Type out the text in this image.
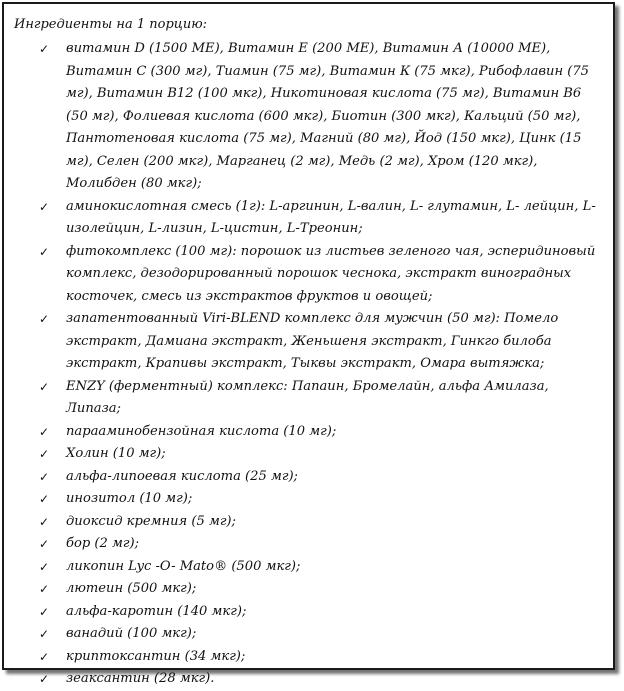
Ингредиенты на 1 порцию:
✓ витамин D (1500 МЕ), Витамин Е (200 МЕ), Витамин А (10000 МЕ), Витамин С (300 мг), Тиамин (75 мг), Витамин К (75 мкг), Рибофлавин (75 мг), Витамин В12 (100 мкг), Никотиновая кислота (75 мг), Витамин В6 (50 мг), Фолиевая кислота (600 мкг), Биотин (300 мкг), Кальций (50 мг), Пантотеновая кислота (75 мг), Магний (80 мг), Йод (150 мкг), Цинк (15 мг), Селен (200 мкг), Марганец (2 мг), Медь (2 мг), Хром (120 мкг), Молибден (80 мкг);
✓ аминокислотная смесь (1г): L-аргинин, L-валин, L- глутамин, L- лейцин, L-изолейцин, L-лизин, L-цистин, L-Треонин;
✓ фитокомплекс (100 мг): порошок из листьев зеленого чая, эсперидиновый комплекс, дезодорированный порошок чеснока, экстракт виноградных косточек, смесь из экстрактов фруктов и овощей;
✓ запатентованный Viri-BLEND комплекс для мужчин (50 мг): Помело экстракт, Дамиана экстракт, Женьшеня экстракт, Гинкго билоба экстракт, Крапивы экстракт, Тыквы экстракт, Омара вытяжка;
✓ ENZY (ферментный) комплекс: Папаин, Бромелайн, альфа Амилаза, Липаза;
✓ парааминобензойная кислота (10 мг);
✓ Холин (10 мг);
✓ альфа-липоевая кислота (25 мг);
✓ инозитол (10 мг);
✓ диоксид кремния (5 мг);
✓ бор (2 мг);
✓ ликопин Lyc -O- Mato® (500 мкг);
✓ лютеин (500 мкг);
✓ альфа-каротин (140 мкг);
✓ ванадий (100 мкг);
✓ криптоксантин (34 мкг);
✓ зеаксантин (28 мкг).
